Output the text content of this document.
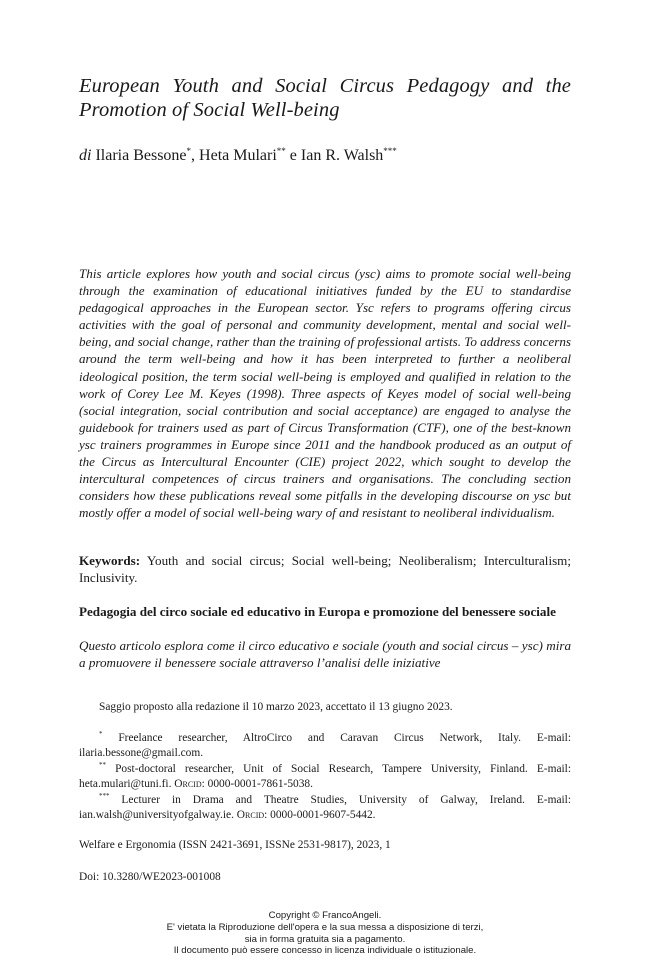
European Youth and Social Circus Pedagogy and the Promotion of Social Well-being
di Ilaria Bessone*, Heta Mulari** e Ian R. Walsh***
This article explores how youth and social circus (ysc) aims to promote social well-being through the examination of educational initiatives funded by the EU to standardise pedagogical approaches in the European sector. Ysc refers to programs offering circus activities with the goal of personal and community development, mental and social well-being, and social change, rather than the training of professional artists. To address concerns around the term well-being and how it has been interpreted to further a neoliberal ideological position, the term social well-being is employed and qualified in relation to the work of Corey Lee M. Keyes (1998). Three aspects of Keyes model of social well-being (social integration, social contribution and social acceptance) are engaged to analyse the guidebook for trainers used as part of Circus Transformation (CTF), one of the best-known ysc trainers programmes in Europe since 2011 and the handbook produced as an output of the Circus as Intercultural Encounter (CIE) project 2022, which sought to develop the intercultural competences of circus trainers and organisations. The concluding section considers how these publications reveal some pitfalls in the developing discourse on ysc but mostly offer a model of social well-being wary of and resistant to neoliberal individualism.
Keywords: Youth and social circus; Social well-being; Neoliberalism; Interculturalism; Inclusivity.
Pedagogia del circo sociale ed educativo in Europa e promozione del benessere sociale
Questo articolo esplora come il circo educativo e sociale (youth and social circus – ysc) mira a promuovere il benessere sociale attraverso l’analisi delle iniziative
Saggio proposto alla redazione il 10 marzo 2023, accettato il 13 giugno 2023.

* Freelance researcher, AltroCirco and Caravan Circus Network, Italy. E-mail: ilaria.bessone@gmail.com.

** Post-doctoral researcher, Unit of Social Research, Tampere University, Finland. E-mail: heta.mulari@tuni.fi. Orcid: 0000-0001-7861-5038.

*** Lecturer in Drama and Theatre Studies, University of Galway, Ireland. E-mail: ian.walsh@universityofgalway.ie. Orcid: 0000-0001-9607-5442.

Welfare e Ergonomia (ISSN 2421-3691, ISSNe 2531-9817), 2023, 1
Doi: 10.3280/WE2023-001008
Copyright © FrancoAngeli.
E' vietata la Riproduzione dell'opera e la sua messa a disposizione di terzi,
sia in forma gratuita sia a pagamento.
Il documento può essere concesso in licenza individuale o istituzionale.
